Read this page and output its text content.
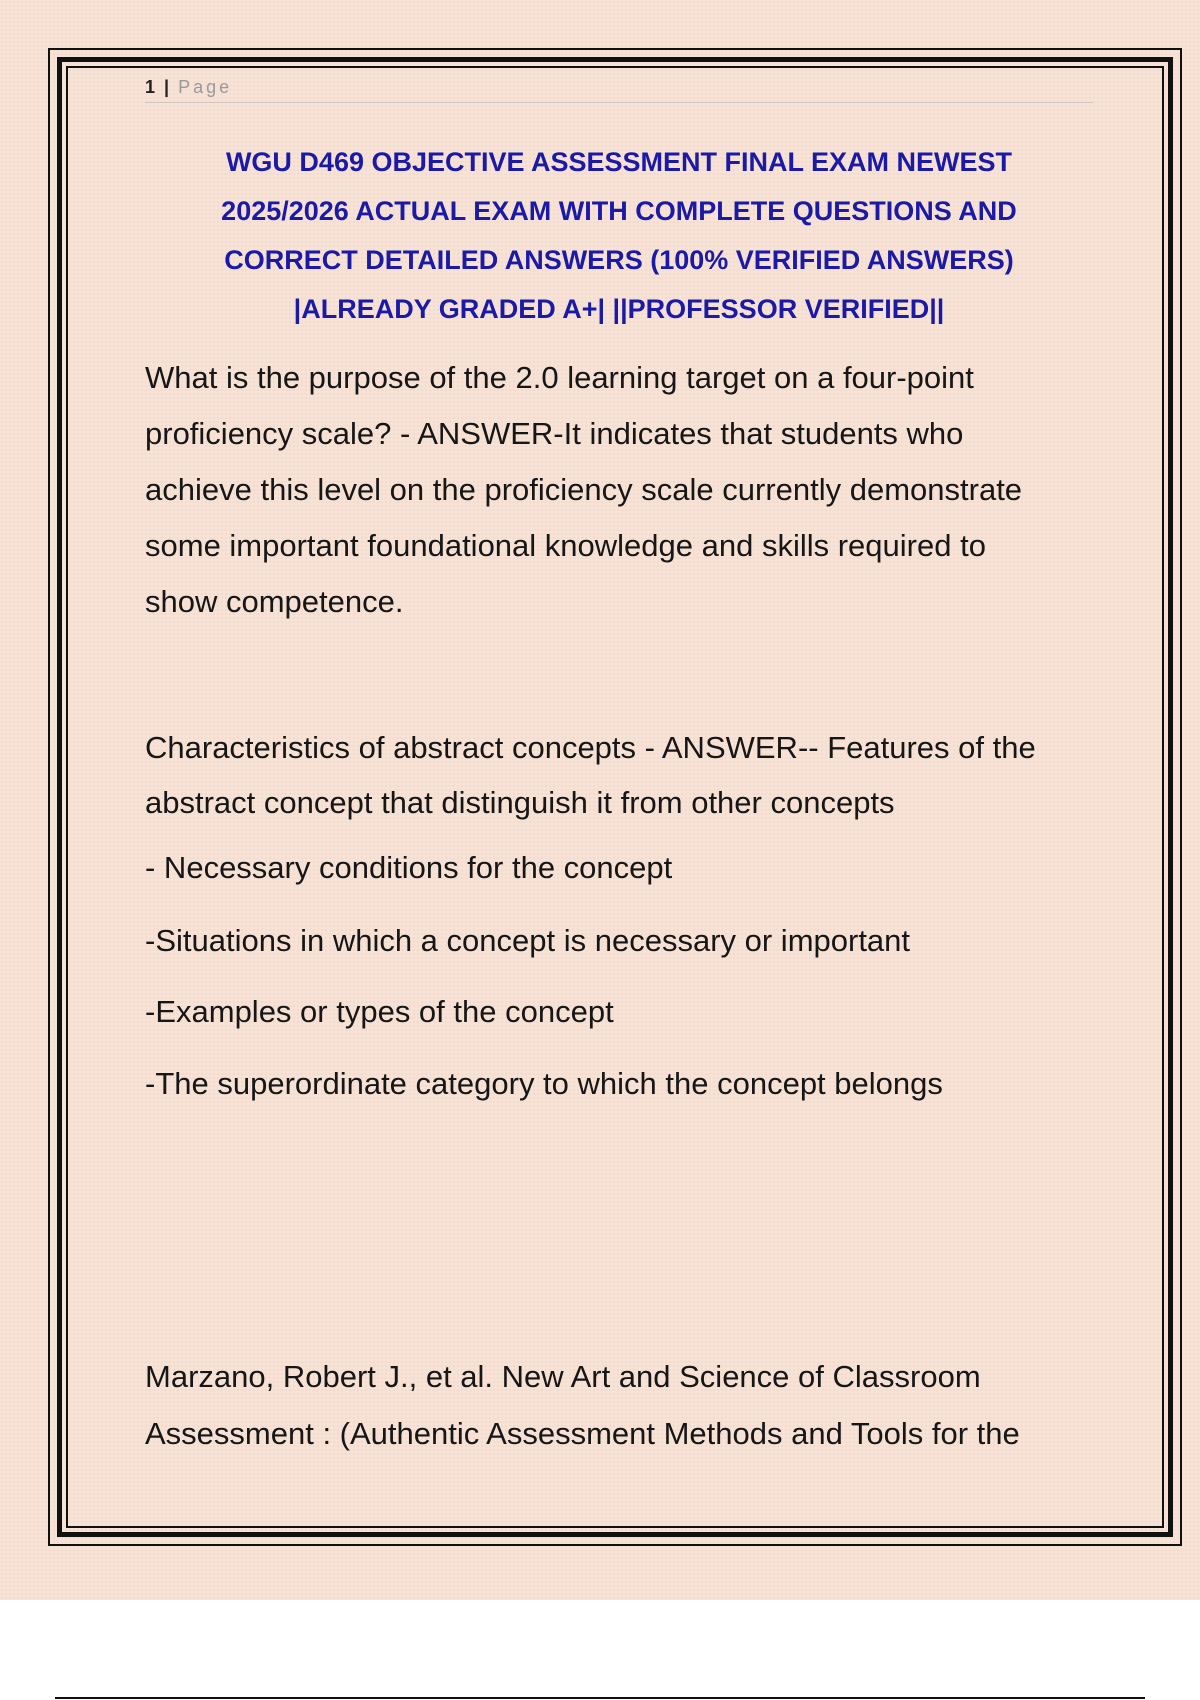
1 | Page
WGU D469 OBJECTIVE ASSESSMENT FINAL EXAM NEWEST
2025/2026 ACTUAL EXAM WITH COMPLETE QUESTIONS AND
CORRECT DETAILED ANSWERS (100% VERIFIED ANSWERS)
|ALREADY GRADED A+| ||PROFESSOR VERIFIED||

What is the purpose of the 2.0 learning target on a four-point
proficiency scale? - ANSWER-It indicates that students who
achieve this level on the proficiency scale currently demonstrate
some important foundational knowledge and skills required to
show competence.

Characteristics of abstract concepts - ANSWER-- Features of the
abstract concept that distinguish it from other concepts

- Necessary conditions for the concept
-Situations in which a concept is necessary or important
-Examples or types of the concept
-The superordinate category to which the concept belongs

Marzano, Robert J., et al. New Art and Science of Classroom
Assessment : (Authentic Assessment Methods and Tools for the
